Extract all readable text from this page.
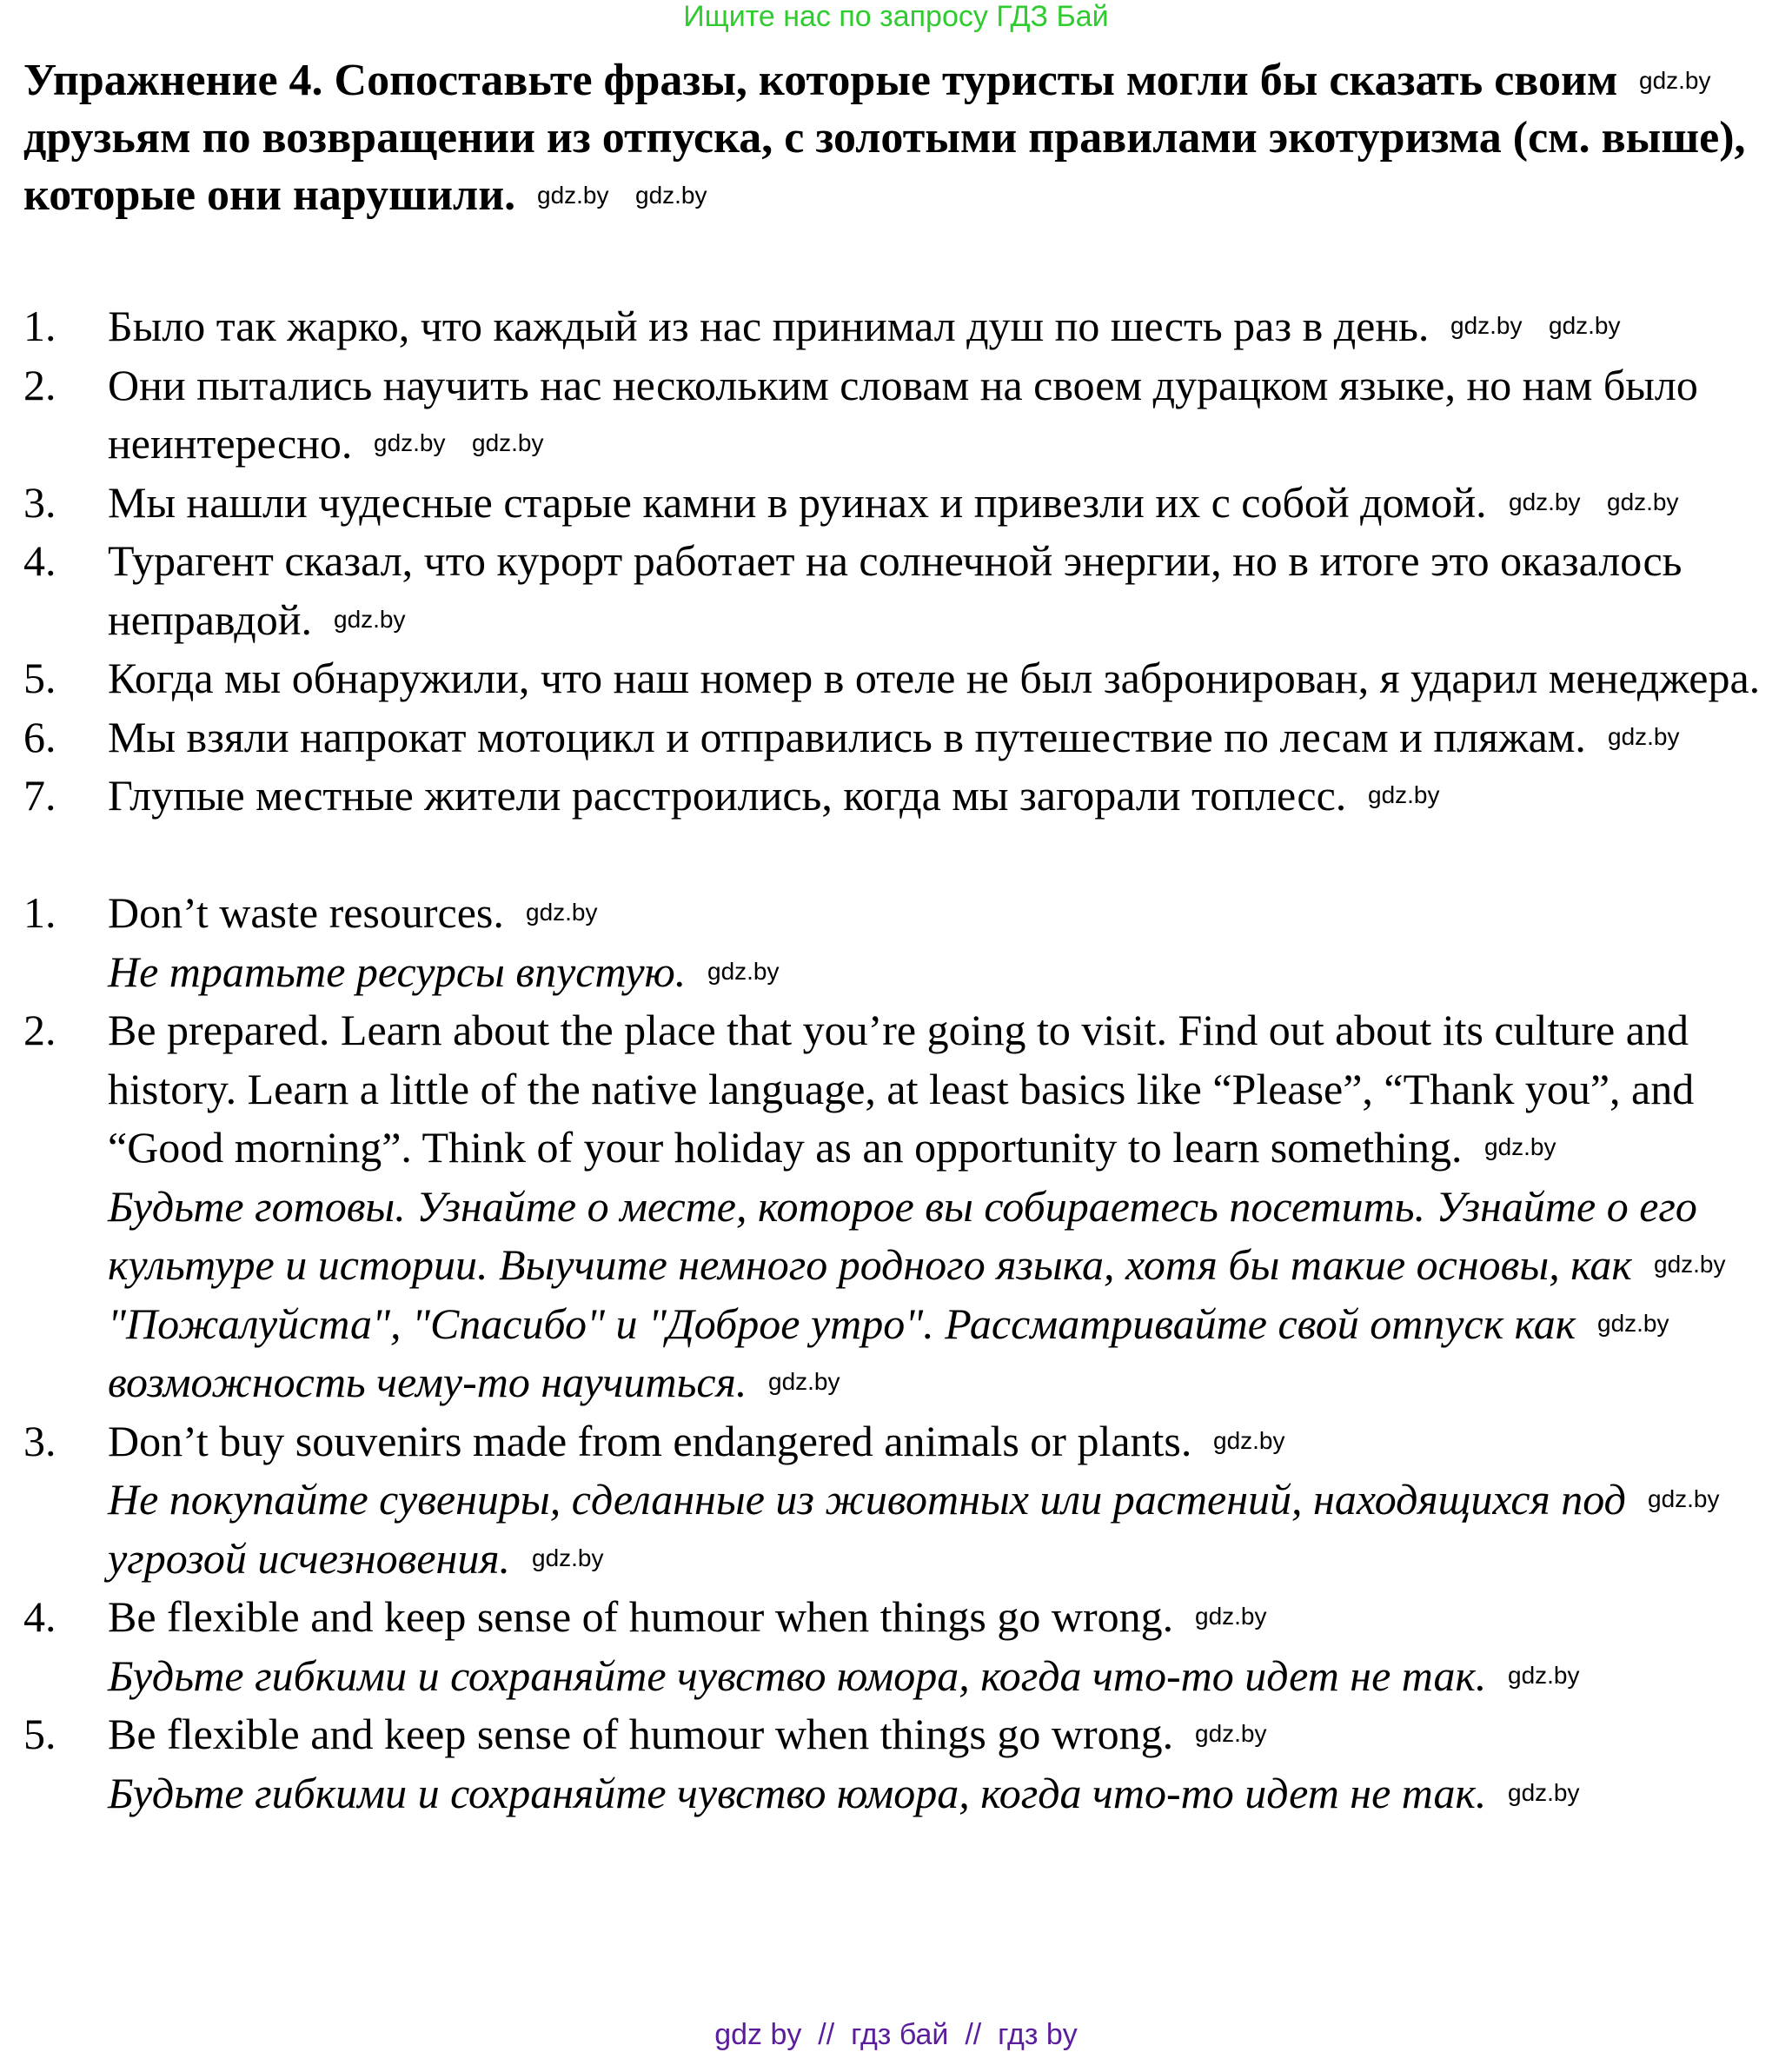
Ищите нас по запросу ГДЗ Бай
Упражнение 4. Сопоставьте фразы, которые туристы могли бы сказать своим друзьям по возвращении из отпуска, с золотыми правилами экотуризма (см. выше), которые они нарушили.
1. Было так жарко, что каждый из нас принимал душ по шесть раз в день.
2. Они пытались научить нас нескольким словам на своем дурацком языке, но нам было неинтересно.
3. Мы нашли чудесные старые камни в руинах и привезли их с собой домой.
4. Турагент сказал, что курорт работает на солнечной энергии, но в итоге это оказалось неправдой.
5. Когда мы обнаружили, что наш номер в отеле не был забронирован, я ударил менеджера.
6. Мы взяли напрокат мотоцикл и отправились в путешествие по лесам и пляжам.
7. Глупые местные жители расстроились, когда мы загорали топлесс.
1. Don’t waste resources.
Не тратьте ресурсы впустую.
2. Be prepared. Learn about the place that you’re going to visit. Find out about its culture and history. Learn a little of the native language, at least basics like “Please”, “Thank you”, and “Good morning”. Think of your holiday as an opportunity to learn something.
Будьте готовы. Узнайте о месте, которое вы собираетесь посетить. Узнайте о его культуре и истории. Выучите немного родного языка, хотя бы такие основы, как "Пожалуйста", "Спасибо" и "Доброе утро". Рассматривайте свой отпуск как возможность чему-то научиться.
3. Don’t buy souvenirs made from endangered animals or plants.
Не покупайте сувениры, сделанные из животных или растений, находящихся под угрозой исчезновения.
4. Be flexible and keep sense of humour when things go wrong.
Будьте гибкими и сохраняйте чувство юмора, когда что-то идет не так.
5. Be flexible and keep sense of humour when things go wrong.
Будьте гибкими и сохраняйте чувство юмора, когда что-то идет не так.
gdz.by
gdz.by
gdz.by
gdz.by
gdz.by
gdz.by
gdz.by
gdz.by
gdz.by
gdz.by
gdz.by
gdz.by
gdz.by
gdz.by
gdz.by
gdz.by
gdz.by
gdz.by
gdz.by
gdz.by
gdz.by
gdz.by
gdz.by
gdz.by
gdz.by
gdz by  //  гдз бай  //  гдз by
